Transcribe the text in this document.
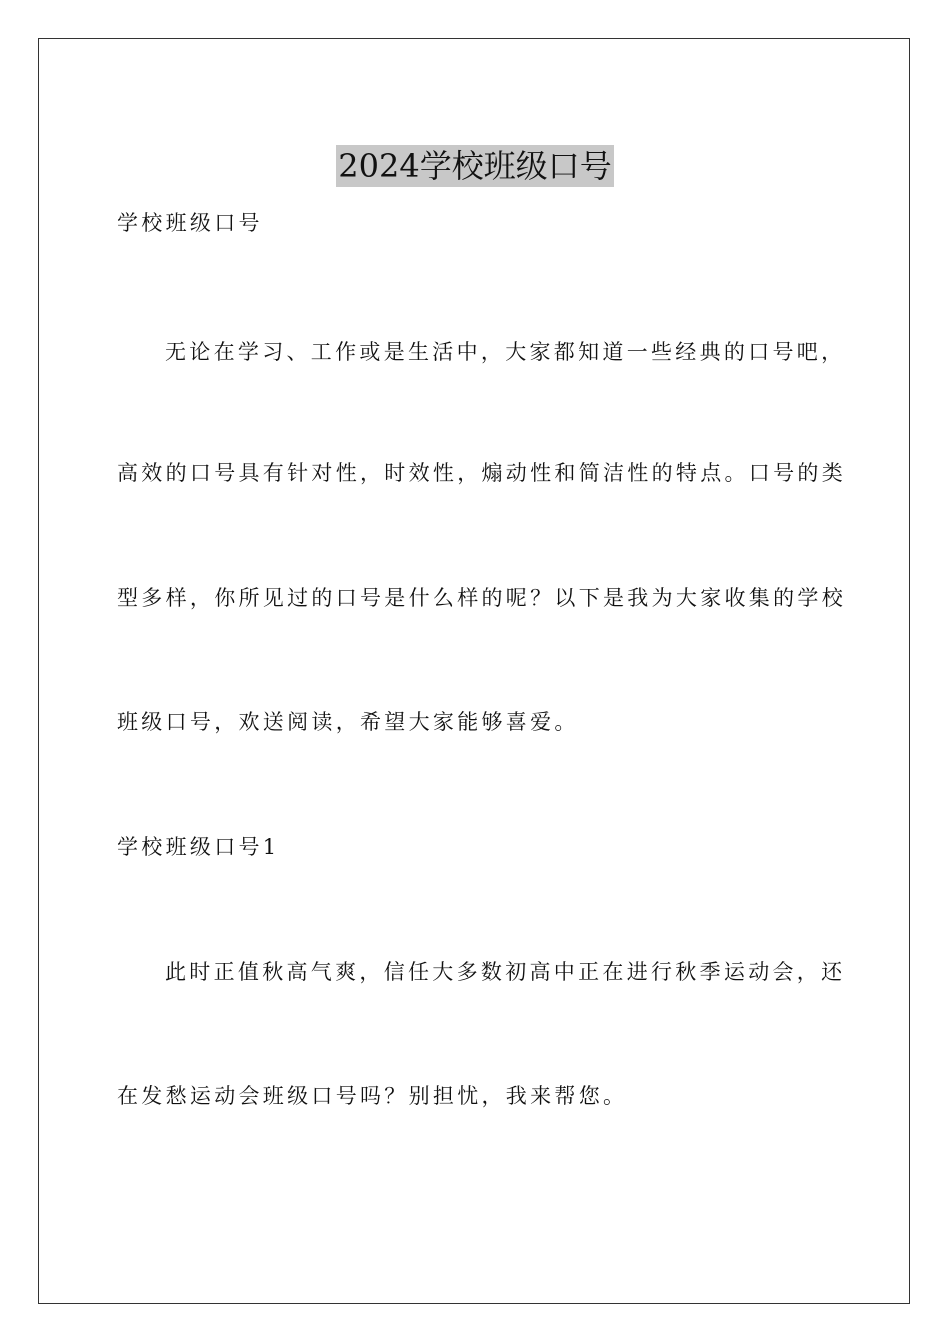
2024学校班级口号
学校班级口号
无论在学习、工作或是生活中，大家都知道一些经典的口号吧，
高效的口号具有针对性，时效性，煽动性和简洁性的特点。口号的类
型多样，你所见过的口号是什么样的呢？以下是我为大家收集的学校
班级口号，欢送阅读，希望大家能够喜爱。
学校班级口号1
此时正值秋高气爽，信任大多数初高中正在进行秋季运动会，还
在发愁运动会班级口号吗？别担忧，我来帮您。
